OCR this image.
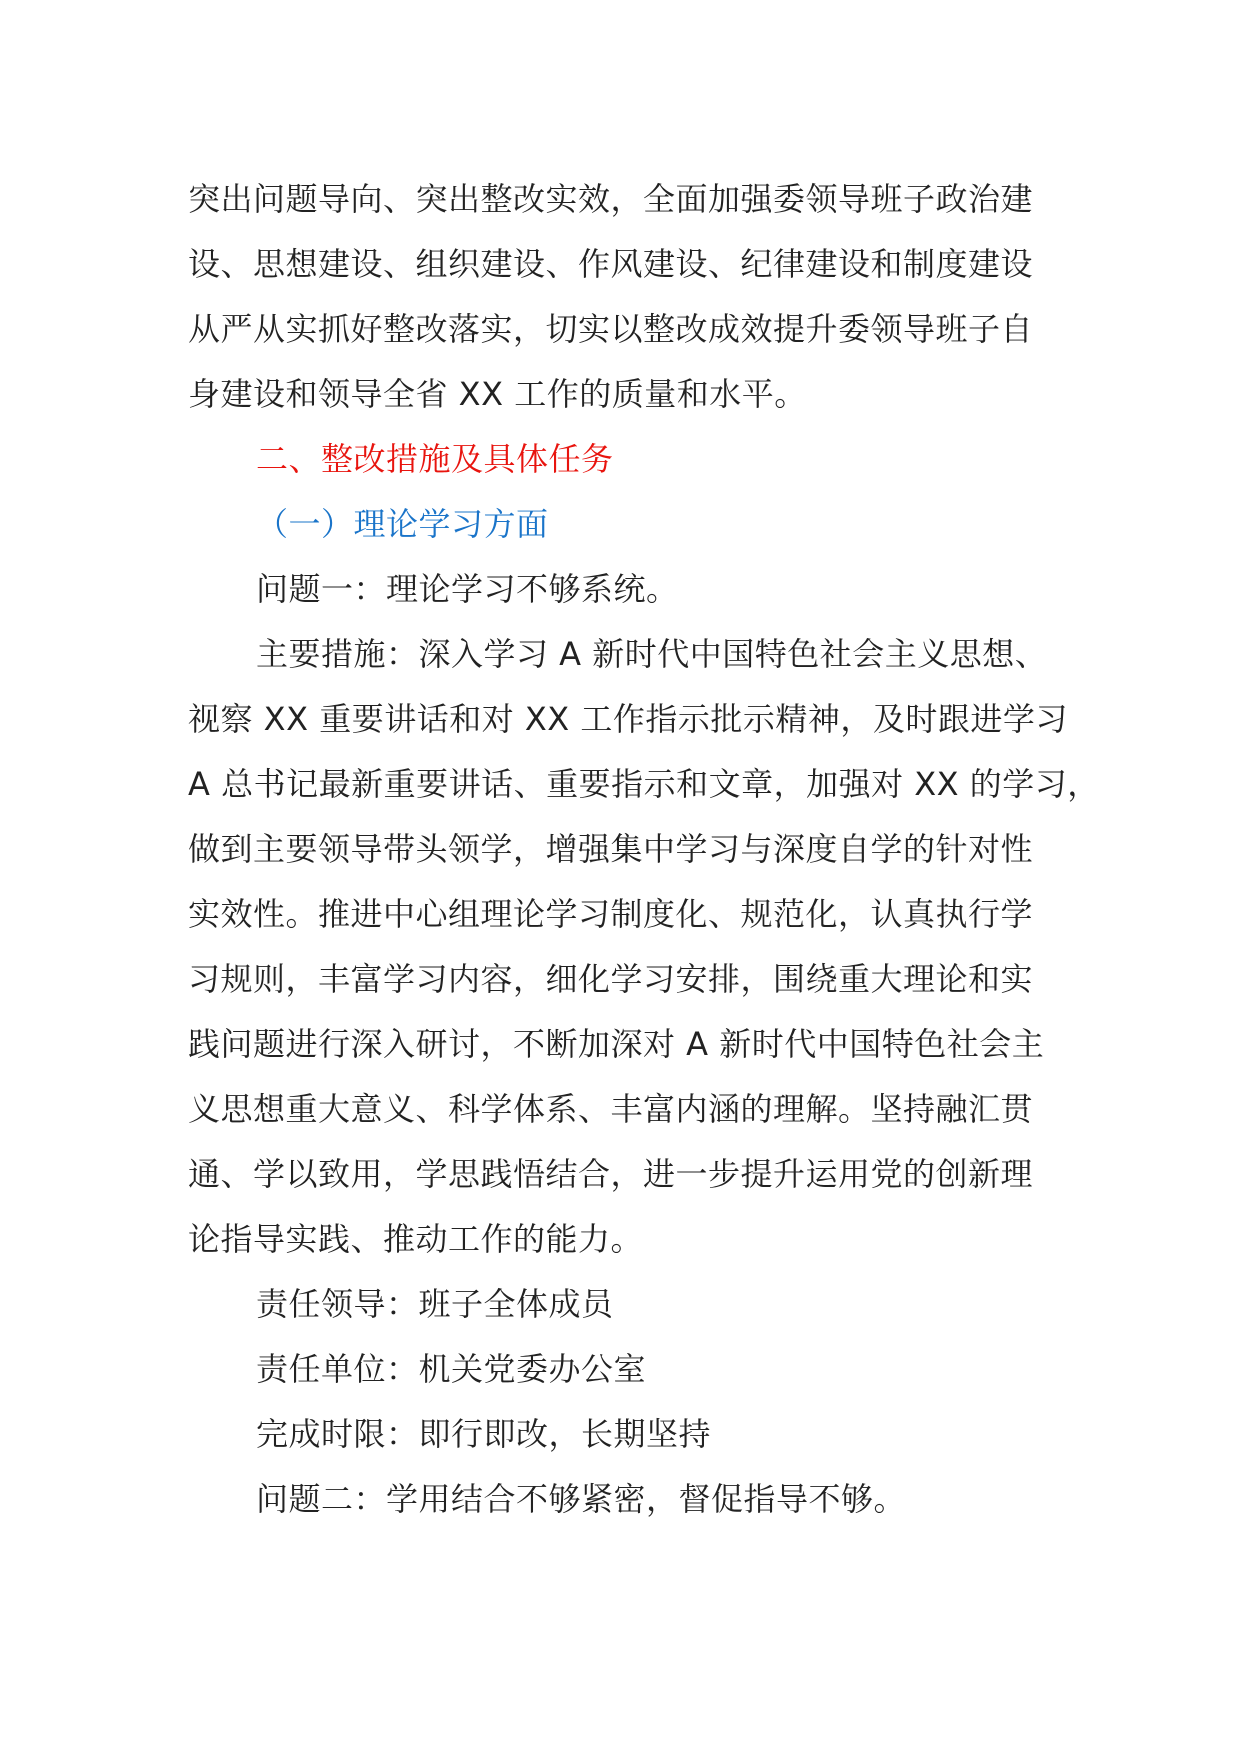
突出问题导向、突出整改实效，全面加强委领导班子政治建
设、思想建设、组织建设、作风建设、纪律建设和制度建设
从严从实抓好整改落实，切实以整改成效提升委领导班子自
身建设和领导全省 XX 工作的质量和水平。
二、整改措施及具体任务
（一）理论学习方面
问题一：理论学习不够系统。
主要措施：深入学习 A 新时代中国特色社会主义思想、
视察 XX 重要讲话和对 XX 工作指示批示精神，及时跟进学习
A 总书记最新重要讲话、重要指示和文章，加强对 XX 的学习，
做到主要领导带头领学，增强集中学习与深度自学的针对性
实效性。推进中心组理论学习制度化、规范化，认真执行学
习规则，丰富学习内容，细化学习安排，围绕重大理论和实
践问题进行深入研讨，不断加深对 A 新时代中国特色社会主
义思想重大意义、科学体系、丰富内涵的理解。坚持融汇贯
通、学以致用，学思践悟结合，进一步提升运用党的创新理
论指导实践、推动工作的能力。
责任领导：班子全体成员
责任单位：机关党委办公室
完成时限：即行即改，长期坚持
问题二：学用结合不够紧密，督促指导不够。
